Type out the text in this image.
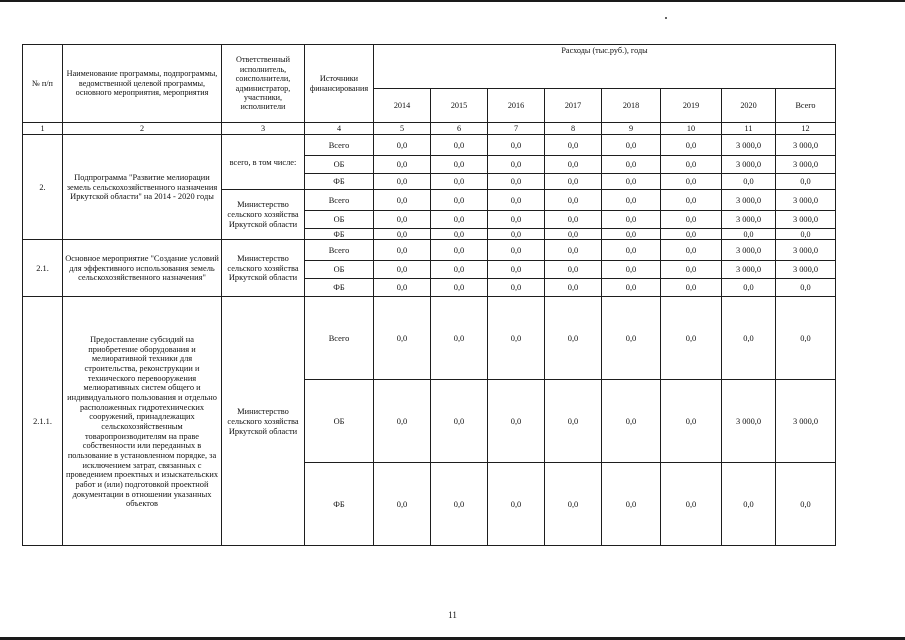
№ п/п	Наименование программы, подпрограммы, ведомственной целевой программы, основного мероприятия, мероприятия	Ответственный исполнитель, соисполнители, администратор, участники, исполнители	Источники финансирования	Расходы (тыс.руб.), годы							
				2014	2015	2016	2017	2018	2019	2020	Всего
1	2	3	4	5	6	7	8	9	10	11	12
2.	Подпрограмма "Развитие мелиорации земель сельскохозяйственного назначения Иркутской области" на 2014 - 2020 годы	всего, в том числе:	Всего	0,0	0,0	0,0	0,0	0,0	0,0	3 000,0	3 000,0
			ОБ	0,0	0,0	0,0	0,0	0,0	0,0	3 000,0	3 000,0
			ФБ	0,0	0,0	0,0	0,0	0,0	0,0	0,0	0,0
		Министерство сельского хозяйства Иркутской области	Всего	0,0	0,0	0,0	0,0	0,0	0,0	3 000,0	3 000,0
			ОБ	0,0	0,0	0,0	0,0	0,0	0,0	3 000,0	3 000,0
			ФБ	0,0	0,0	0,0	0,0	0,0	0,0	0,0	0,0
2.1.	Основное мероприятие "Создание условий для эффективного использования земель сельскохозяйственного назначения"	Министерство сельского хозяйства Иркутской области	Всего	0,0	0,0	0,0	0,0	0,0	0,0	3 000,0	3 000,0
			ОБ	0,0	0,0	0,0	0,0	0,0	0,0	3 000,0	3 000,0
			ФБ	0,0	0,0	0,0	0,0	0,0	0,0	0,0	0,0
2.1.1.	Предоставление субсидий на приобретение оборудования и мелиоративной техники для строительства, реконструкции и технического перевооружения мелиоративных систем общего и индивидуального пользования и отдельно расположенных гидротехнических сооружений, принадлежащих сельскохозяйственным товаропроизводителям на праве собственности или переданных в пользование в установленном порядке, за исключением затрат, связанных с проведением проектных и изыскательских работ и (или) подготовкой проектной документации в отношении указанных объектов	Министерство сельского хозяйства Иркутской области	Всего	0,0	0,0	0,0	0,0	0,0	0,0	0,0	0,0
			ОБ	0,0	0,0	0,0	0,0	0,0	0,0	3 000,0	3 000,0
			ФБ	0,0	0,0	0,0	0,0	0,0	0,0	0,0	0,0
11
